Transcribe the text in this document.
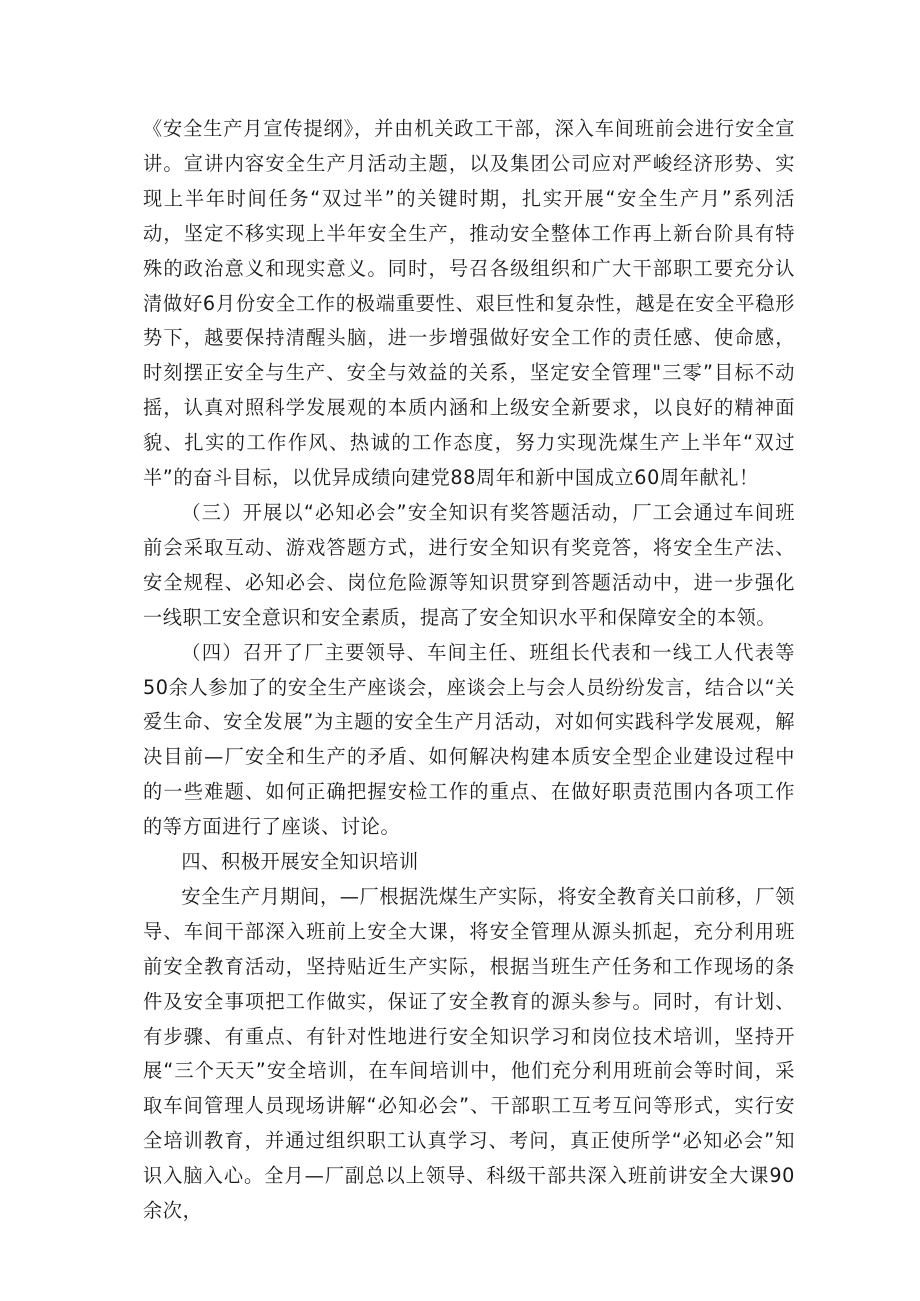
《安全生产月宣传提纲》，并由机关政工干部，深入车间班前会进行安全宣讲。宣讲内容安全生产月活动主题，以及集团公司应对严峻经济形势、实现上半年时间任务“双过半”的关键时期，扎实开展“安全生产月”系列活动，坚定不移实现上半年安全生产，推动安全整体工作再上新台阶具有特殊的政治意义和现实意义。同时，号召各级组织和广大干部职工要充分认清做好6月份安全工作的极端重要性、艰巨性和复杂性，越是在安全平稳形势下，越要保持清醒头脑，进一步增强做好安全工作的责任感、使命感，时刻摆正安全与生产、安全与效益的关系，坚定安全管理"三零”目标不动摇，认真对照科学发展观的本质内涵和上级安全新要求，以良好的精神面貌、扎实的工作作风、热诚的工作态度，努力实现洗煤生产上半年“双过半”的奋斗目标，以优异成绩向建党88周年和新中国成立60周年献礼！

（三）开展以“必知必会”安全知识有奖答题活动，厂工会通过车间班前会采取互动、游戏答题方式，进行安全知识有奖竞答，将安全生产法、安全规程、必知必会、岗位危险源等知识贯穿到答题活动中，进一步强化一线职工安全意识和安全素质，提高了安全知识水平和保障安全的本领。

（四）召开了厂主要领导、车间主任、班组长代表和一线工人代表等50余人参加了的安全生产座谈会，座谈会上与会人员纷纷发言，结合以“关爱生命、安全发展”为主题的安全生产月活动，对如何实践科学发展观，解决目前—厂安全和生产的矛盾、如何解决构建本质安全型企业建设过程中的一些难题、如何正确把握安检工作的重点、在做好职责范围内各项工作的等方面进行了座谈、讨论。

四、积极开展安全知识培训

安全生产月期间，—厂根据洗煤生产实际，将安全教育关口前移，厂领导、车间干部深入班前上安全大课，将安全管理从源头抓起，充分利用班前安全教育活动，坚持贴近生产实际，根据当班生产任务和工作现场的条件及安全事项把工作做实，保证了安全教育的源头参与。同时，有计划、有步骤、有重点、有针对性地进行安全知识学习和岗位技术培训，坚持开展“三个天天”安全培训，在车间培训中，他们充分利用班前会等时间，采取车间管理人员现场讲解“必知必会”、干部职工互考互问等形式，实行安全培训教育，并通过组织职工认真学习、考问，真正使所学“必知必会”知识入脑入心。全月—厂副总以上领导、科级干部共深入班前讲安全大课90余次，
